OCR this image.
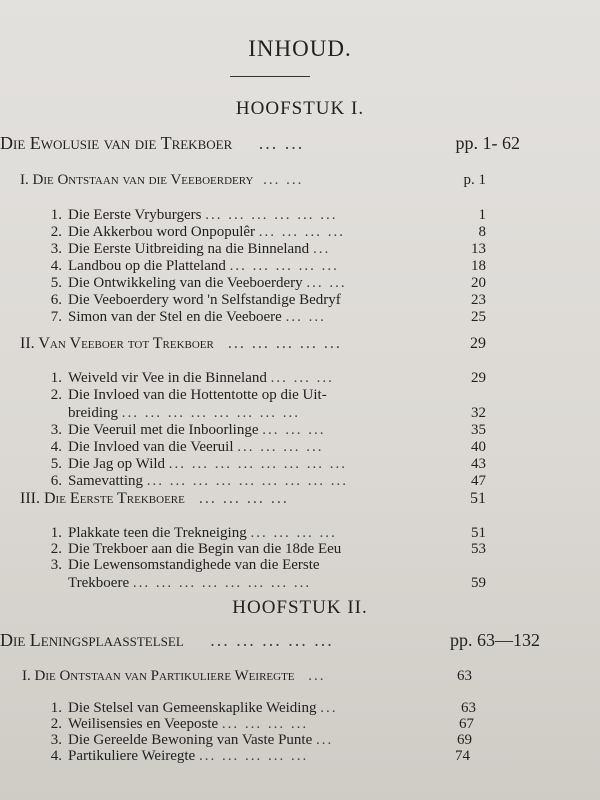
INHOUD.
HOOFSTUK I.
Die Ewolusie van die Trekboer ... ...	pp. 1- 62
I. Die Ontstaan van die Veeboerdery ... ...	p. 1
1. Die Eerste Vryburgers ... ... ... ... ... ...	1
2. Die Akkerbou word Onpopulêr ... ... ... ...	8
3. Die Eerste Uitbreiding na die Binneland ...	13
4. Landbou op die Platteland ... ... ... ... ...	18
5. Die Ontwikkeling van die Veeboerdery ... ...	20
6. Die Veeboerdery word 'n Selfstandige Bedryf	23
7. Simon van der Stel en die Veeboere ... ...	25
II. Van Veeboer tot Trekboer ... ... ... ... ...	29
1. Weiveld vir Vee in die Binneland ... ... ...	29
2. Die Invloed van die Hottentotte op die Uit-
breiding ... ... ... ... ... ... ... ...	32
3. Die Veeruil met die Inboorlinge ... ... ...	35
4. Die Invloed van die Veeruil ... ... ... ...	40
5. Die Jag op Wild ... ... ... ... ... ... ... ...	43
6. Samevatting ... ... ... ... ... ... ... ... ...	47
III. Die Eerste Trekboere ... ... ... ...	51
1. Plakkate teen die Trekneiging ... ... ... ...	51
2. Die Trekboer aan die Begin van die 18de Eeu	53
3. Die Lewensomstandighede van die Eerste
Trekboere ... ... ... ... ... ... ... ...	59
HOOFSTUK II.
Die Leningsplaasstelsel ... ... ... ... ...	pp. 63—132
I. Die Ontstaan van Partikuliere Weiregte ...	63
1. Die Stelsel van Gemeenskaplike Weiding ...	63
2. Weilisensies en Veeposte ... ... ... ...	67
3. Die Gereelde Bewoning van Vaste Punte ...	69
4. Partikuliere Weiregte ... ... ... ... ...	74
